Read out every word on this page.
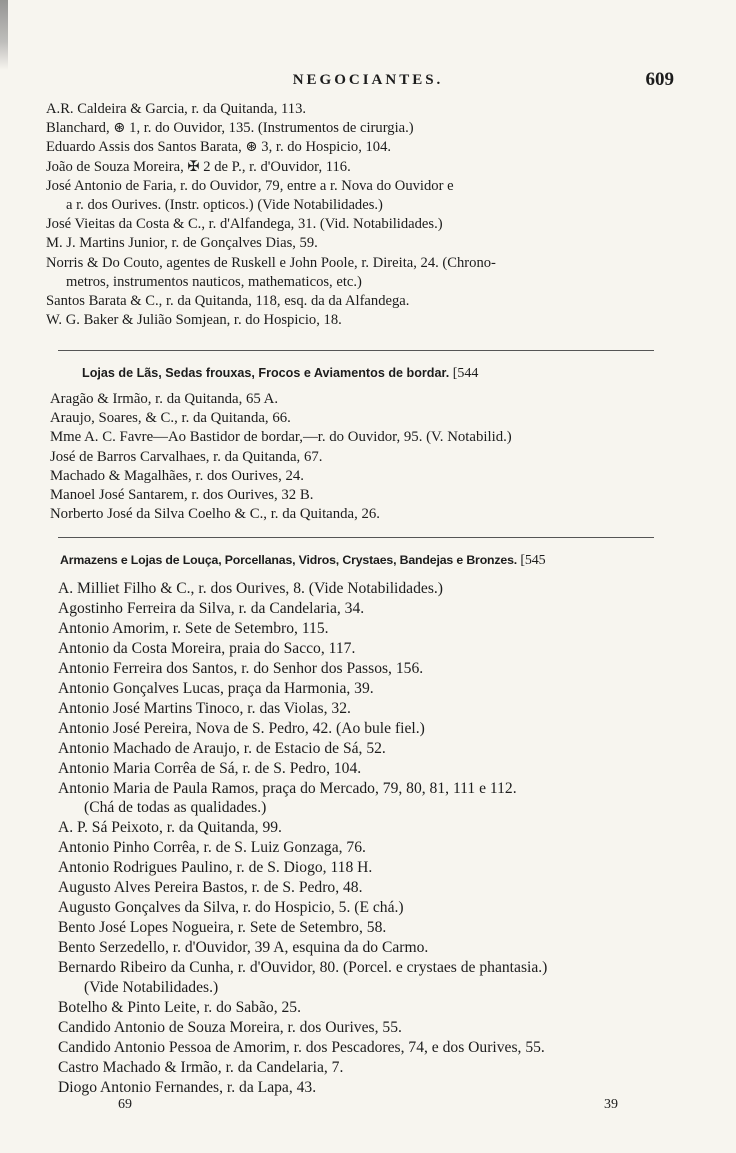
NEGOCIANTES.	609
A.R. Caldeira & Garcia, r. da Quitanda, 113.
Blanchard, ⊛ 1, r. do Ouvidor, 135. (Instrumentos de cirurgia.)
Eduardo Assis dos Santos Barata, ⊛ 3, r. do Hospicio, 104.
João de Souza Moreira, ✠ 2 de P., r. d'Ouvidor, 116.
José Antonio de Faria, r. do Ouvidor, 79, entre a r. Nova do Ouvidor e
a r. dos Ourives. (Instr. opticos.) (Vide Notabilidades.)
José Vieitas da Costa & C., r. d'Alfandega, 31. (Vid. Notabilidades.)
M. J. Martins Junior, r. de Gonçalves Dias, 59.
Norris & Do Couto, agentes de Ruskell e John Poole, r. Direita, 24. (Chrono-
metros, instrumentos nauticos, mathematicos, etc.)
Santos Barata & C., r. da Quitanda, 118, esq. da da Alfandega.
W. G. Baker & Julião Somjean, r. do Hospicio, 18.
Lojas de Lãs, Sedas frouxas, Frocos e Aviamentos de bordar. [544
Aragão & Irmão, r. da Quitanda, 65 A.
Araujo, Soares, & C., r. da Quitanda, 66.
Mme A. C. Favre—Ao Bastidor de bordar,—r. do Ouvidor, 95. (V. Notabilid.)
José de Barros Carvalhaes, r. da Quitanda, 67.
Machado & Magalhães, r. dos Ourives, 24.
Manoel José Santarem, r. dos Ourives, 32 B.
Norberto José da Silva Coelho & C., r. da Quitanda, 26.
Armazens e Lojas de Louça, Porcellanas, Vidros, Crystaes, Bandejas e Bronzes. [545
A. Milliet Filho & C., r. dos Ourives, 8. (Vide Notabilidades.)
Agostinho Ferreira da Silva, r. da Candelaria, 34.
Antonio Amorim, r. Sete de Setembro, 115.
Antonio da Costa Moreira, praia do Sacco, 117.
Antonio Ferreira dos Santos, r. do Senhor dos Passos, 156.
Antonio Gonçalves Lucas, praça da Harmonia, 39.
Antonio José Martins Tinoco, r. das Violas, 32.
Antonio José Pereira, Nova de S. Pedro, 42. (Ao bule fiel.)
Antonio Machado de Araujo, r. de Estacio de Sá, 52.
Antonio Maria Corrêa de Sá, r. de S. Pedro, 104.
Antonio Maria de Paula Ramos, praça do Mercado, 79, 80, 81, 111 e 112.
(Chá de todas as qualidades.)
A. P. Sá Peixoto, r. da Quitanda, 99.
Antonio Pinho Corrêa, r. de S. Luiz Gonzaga, 76.
Antonio Rodrigues Paulino, r. de S. Diogo, 118 H.
Augusto Alves Pereira Bastos, r. de S. Pedro, 48.
Augusto Gonçalves da Silva, r. do Hospicio, 5. (E chá.)
Bento José Lopes Nogueira, r. Sete de Setembro, 58.
Bento Serzedello, r. d'Ouvidor, 39 A, esquina da do Carmo.
Bernardo Ribeiro da Cunha, r. d'Ouvidor, 80. (Porcel. e crystaes de phantasia.)
(Vide Notabilidades.)
Botelho & Pinto Leite, r. do Sabão, 25.
Candido Antonio de Souza Moreira, r. dos Ourives, 55.
Candido Antonio Pessoa de Amorim, r. dos Pescadores, 74, e dos Ourives, 55.
Castro Machado & Irmão, r. da Candelaria, 7.
Diogo Antonio Fernandes, r. da Lapa, 43.
69	39
